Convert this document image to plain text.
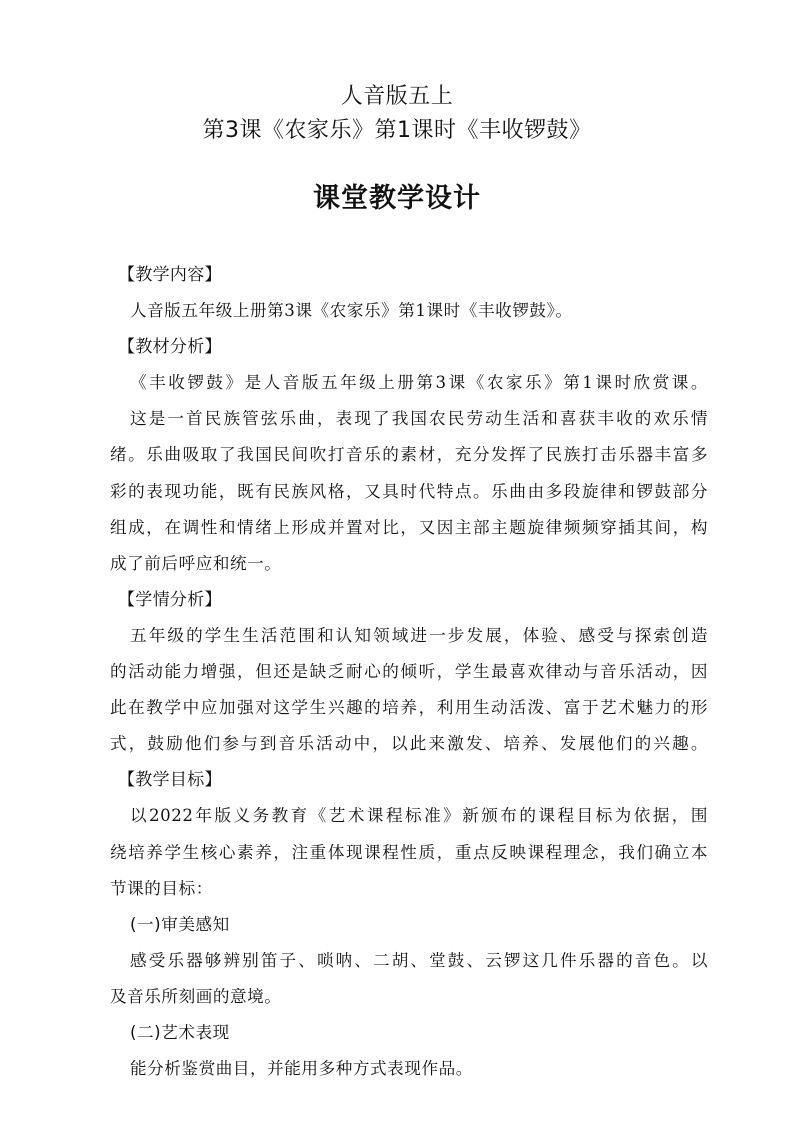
人音版五上
第3课《农家乐》第1课时《丰收锣鼓》
课堂教学设计
【教学内容】
人音版五年级上册第3课《农家乐》第1课时《丰收锣鼓》。
【教材分析】
《丰收锣鼓》是人音版五年级上册第3课《农家乐》第1课时欣赏课。
这是一首民族管弦乐曲，表现了我国农民劳动生活和喜获丰收的欢乐情
绪。乐曲吸取了我国民间吹打音乐的素材，充分发挥了民族打击乐器丰富多
彩的表现功能，既有民族风格，又具时代特点。乐曲由多段旋律和锣鼓部分
组成，在调性和情绪上形成并置对比，又因主部主题旋律频频穿插其间，构
成了前后呼应和统一。
【学情分析】
五年级的学生生活范围和认知领域进一步发展，体验、感受与探索创造
的活动能力增强，但还是缺乏耐心的倾听，学生最喜欢律动与音乐活动，因
此在教学中应加强对这学生兴趣的培养，利用生动活泼、富于艺术魅力的形
式，鼓励他们参与到音乐活动中，以此来激发、培养、发展他们的兴趣。
【教学目标】
以2022年版义务教育《艺术课程标准》新颁布的课程目标为依据，围
绕培养学生核心素养，注重体现课程性质，重点反映课程理念，我们确立本
节课的目标：
(一)审美感知
感受乐器够辨别笛子、唢呐、二胡、堂鼓、云锣这几件乐器的音色。以
及音乐所刻画的意境。
(二)艺术表现
能分析鉴赏曲目，并能用多种方式表现作品。
